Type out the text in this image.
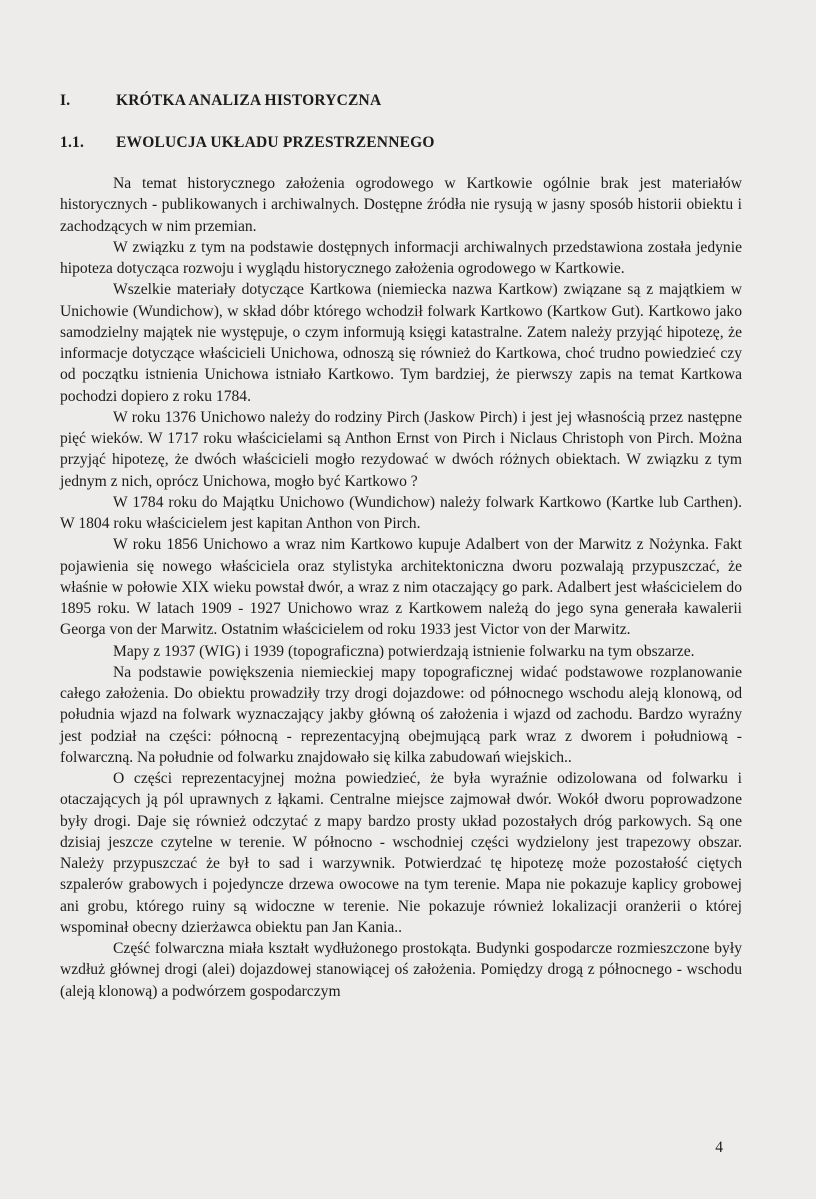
I.	KRÓTKA ANALIZA HISTORYCZNA
1.1.	EWOLUCJA UKŁADU PRZESTRZENNEGO

Na temat historycznego założenia ogrodowego w Kartkowie ogólnie brak jest materiałów historycznych - publikowanych i archiwalnych. Dostępne źródła nie rysują w jasny sposób historii obiektu i zachodzących w nim przemian.

W związku z tym na podstawie dostępnych informacji archiwalnych przedstawiona została jedynie hipoteza dotycząca rozwoju i wyglądu historycznego założenia ogrodowego w Kartkowie.

Wszelkie materiały dotyczące Kartkowa (niemiecka nazwa Kartkow) związane są z majątkiem w Unichowie (Wundichow), w skład dóbr którego wchodził folwark Kartkowo (Kartkow Gut). Kartkowo jako samodzielny majątek nie występuje, o czym informują księgi katastralne. Zatem należy przyjąć hipotezę, że informacje dotyczące właścicieli Unichowa, odnoszą się również do Kartkowa, choć trudno powiedzieć czy od początku istnienia Unichowa istniało Kartkowo. Tym bardziej, że pierwszy zapis na temat Kartkowa pochodzi dopiero z roku 1784.

W roku 1376 Unichowo należy do rodziny Pirch (Jaskow Pirch) i jest jej własnością przez następne pięć wieków. W 1717 roku właścicielami są Anthon Ernst von Pirch i Niclaus Christoph von Pirch. Można przyjąć hipotezę, że dwóch właścicieli mogło rezydować w dwóch różnych obiektach. W związku z tym jednym z nich, oprócz Unichowa, mogło być Kartkowo ?

W 1784 roku do Majątku Unichowo (Wundichow) należy folwark Kartkowo (Kartke lub Carthen). W 1804 roku właścicielem jest kapitan Anthon von Pirch.

W roku 1856 Unichowo a wraz nim Kartkowo kupuje Adalbert von der Marwitz z Nożynka. Fakt pojawienia się nowego właściciela oraz stylistyka architektoniczna dworu pozwalają przypuszczać, że właśnie w połowie XIX wieku powstał dwór, a wraz z nim otaczający go park. Adalbert jest właścicielem do 1895 roku. W latach 1909 - 1927 Unichowo wraz z Kartkowem należą do jego syna generała kawalerii Georga von der Marwitz. Ostatnim właścicielem od roku 1933 jest Victor von der Marwitz.

Mapy z 1937 (WIG) i 1939 (topograficzna) potwierdzają istnienie folwarku na tym obszarze.

Na podstawie powiększenia niemieckiej mapy topograficznej widać podstawowe rozplanowanie całego założenia. Do obiektu prowadziły trzy drogi dojazdowe: od północnego wschodu aleją klonową, od południa wjazd na folwark wyznaczający jakby główną oś założenia i wjazd od zachodu. Bardzo wyraźny jest podział na części: północną - reprezentacyjną obejmującą park wraz z dworem i południową - folwarczną. Na południe od folwarku znajdowało się kilka zabudowań wiejskich..

O części reprezentacyjnej można powiedzieć, że była wyraźnie odizolowana od folwarku i otaczających ją pól uprawnych z łąkami. Centralne miejsce zajmował dwór. Wokół dworu poprowadzone były drogi. Daje się również odczytać z mapy bardzo prosty układ pozostałych dróg parkowych. Są one dzisiaj jeszcze czytelne w terenie. W północno - wschodniej części wydzielony jest trapezowy obszar. Należy przypuszczać że był to sad i warzywnik. Potwierdzać tę hipotezę może pozostałość ciętych szpalerów grabowych i pojedyncze drzewa owocowe na tym terenie. Mapa nie pokazuje kaplicy grobowej ani grobu, którego ruiny są widoczne w terenie. Nie pokazuje również lokalizacji oranżerii o której wspominał obecny dzierżawca obiektu pan Jan Kania..

Część folwarczna miała kształt wydłużonego prostokąta. Budynki gospodarcze rozmieszczone były wzdłuż głównej drogi (alei) dojazdowej stanowiącej oś założenia. Pomiędzy drogą z północnego - wschodu (aleją klonową) a podwórzem gospodarczym

4
